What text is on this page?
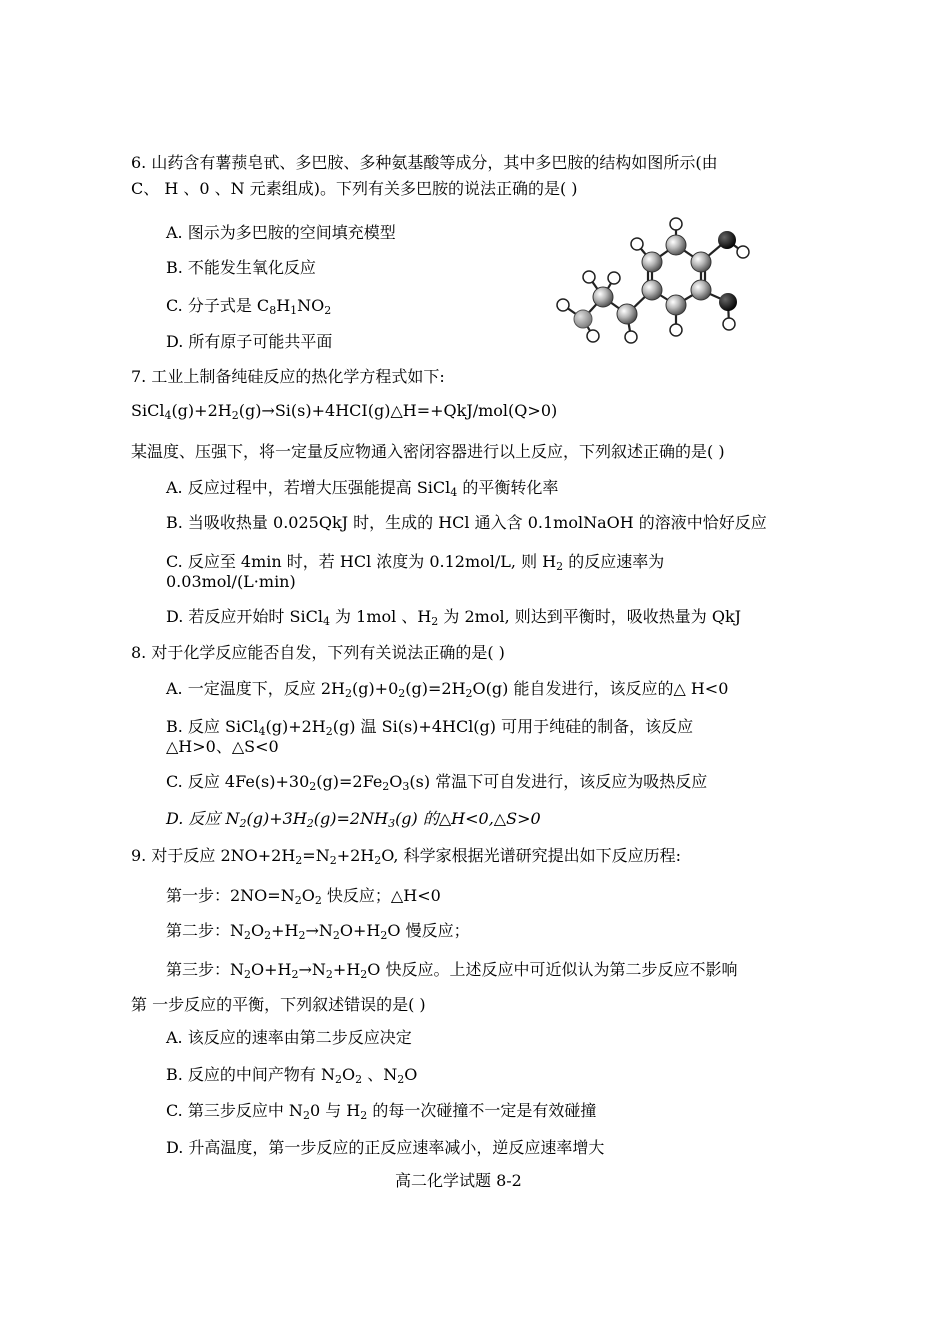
6. 山药含有薯蓣皂甙、多巴胺、多种氨基酸等成分，其中多巴胺的结构如图所示(由
C、 H 、0 、N 元素组成)。下列有关多巴胺的说法正确的是( )
A. 图示为多巴胺的空间填充模型
B. 不能发生氧化反应
C. 分子式是 $C_8H_1NO_2$
D. 所有原子可能共平面
7. 工业上制备纯硅反应的热化学方程式如下:
$SiCl_4(g)+2H_2(g)\to Si(s)+4HCI(g)\triangle H=+QkJ/mol(Q>0)$
某温度、压强下，将一定量反应物通入密闭容器进行以上反应，下列叙述正确的是( )
A. 反应过程中，若增大压强能提高 SiCl$_4$ 的平衡转化率
B. 当吸收热量 0.025QkJ 时，生成的 HCl 通入含 0.1molNaOH 的溶液中恰好反应
C. 反应至 4min 时，若 HCl 浓度为 0.12mol/L, 则 $H_2$ 的反应速率为
0.03mol/(L·min)
D. 若反应开始时 SiCl$_4$ 为 1mol 、$H_2$ 为 2mol, 则达到平衡时，吸收热量为 QkJ
8. 对于化学反应能否自发，下列有关说法正确的是( )
A. 一定温度下，反应 $2H_2(g)+0_2(g)=2H_2O(g)$ 能自发进行，该反应的△ H<0
B. 反应 $SiCl_4(g)+2H_2(g)$ 温 Si(s)+4HCl(g) 可用于纯硅的制备，该反应
△H>0、△S<0
C. 反应 $4Fe(s)+30_2(g)=2Fe_2O_3(s)$ 常温下可自发进行，该反应为吸热反应
D. 反应 $N_2(g)+3H_2(g)=2NH_3(g)$ 的△H<0,△S>0
9. 对于反应 $2NO+2H_2=N_2+2H_2O$, 科学家根据光谱研究提出如下反应历程:
第一步：$2NO=N_2O_2$ 快反应；△H<0
第二步：$N_2O_2+H_2\to N_2O+H_2O$ 慢反应；
第三步：$N_2O+H_2\to N_2+H_2O$ 快反应。上述反应中可近似认为第二步反应不影响
第 一步反应的平衡，下列叙述错误的是( )
A. 该反应的速率由第二步反应决定
B. 反应的中间产物有 $N_2O_2$ 、$N_2O$
C. 第三步反应中 $N_20$ 与 $H_2$ 的每一次碰撞不一定是有效碰撞
D. 升高温度，第一步反应的正反应速率减小，逆反应速率增大
高二化学试题 8-2
